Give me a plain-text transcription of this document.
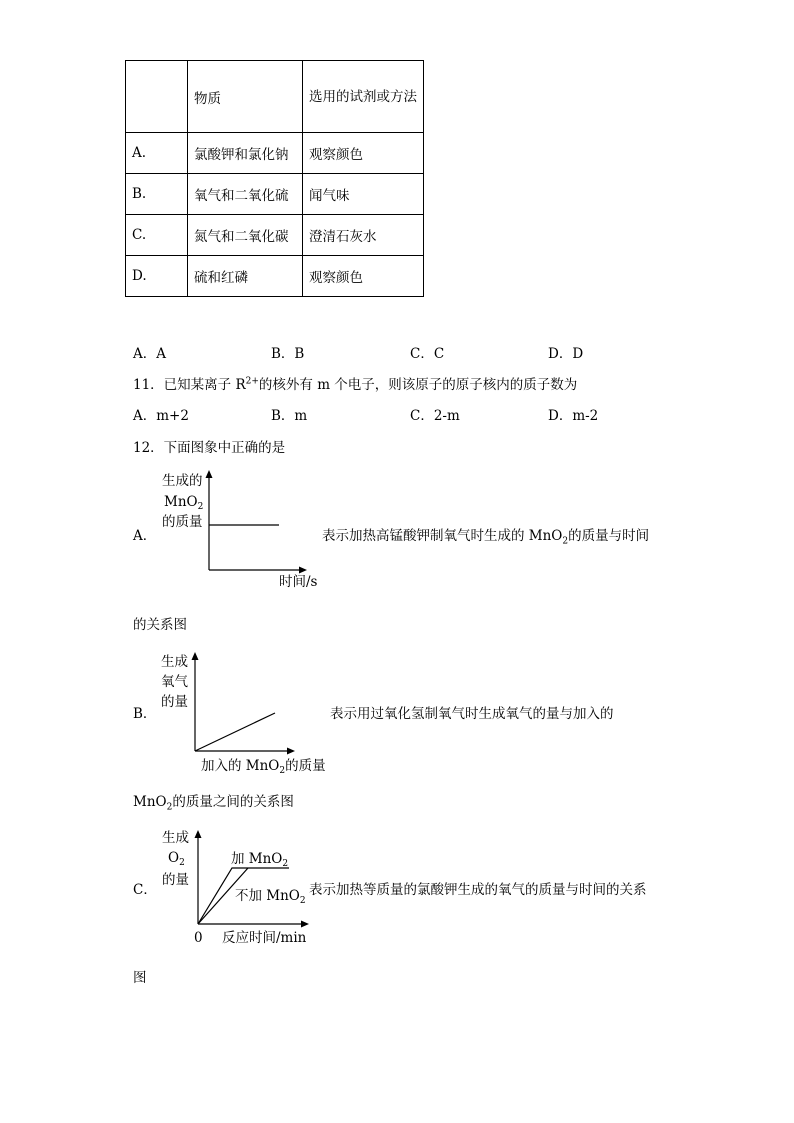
	物质	选用的试剂或方法
A.	氯酸钾和氯化钠	观察颜色
B.	氧气和二氧化硫	闻气味
C.	氮气和二氧化碳	澄清石灰水
D.	硫和红磷	观察颜色
A．A	B．B	C．C	D．D
11．已知某离子 $R^{2+}$的核外有 m 个电子，则该原子的原子核内的质子数为
A．m+2	B．m	C．2-m	D．m-2
12．下面图象中正确的是
A．
生成的
MnO$_2$
的质量
时间/s
表示加热高锰酸钾制氧气时生成的 MnO$_2$的质量与时间
的关系图
B．
生成
氧气
的量
加入的 MnO$_2$的质量
表示用过氧化氢制氧气时生成氧气的量与加入的
MnO$_2$的质量之间的关系图
C．
生成
$O_2$
的量
加 MnO$_2$
不加 MnO$_2$
0 反应时间/min
表示加热等质量的氯酸钾生成的氧气的质量与时间的关系
图
